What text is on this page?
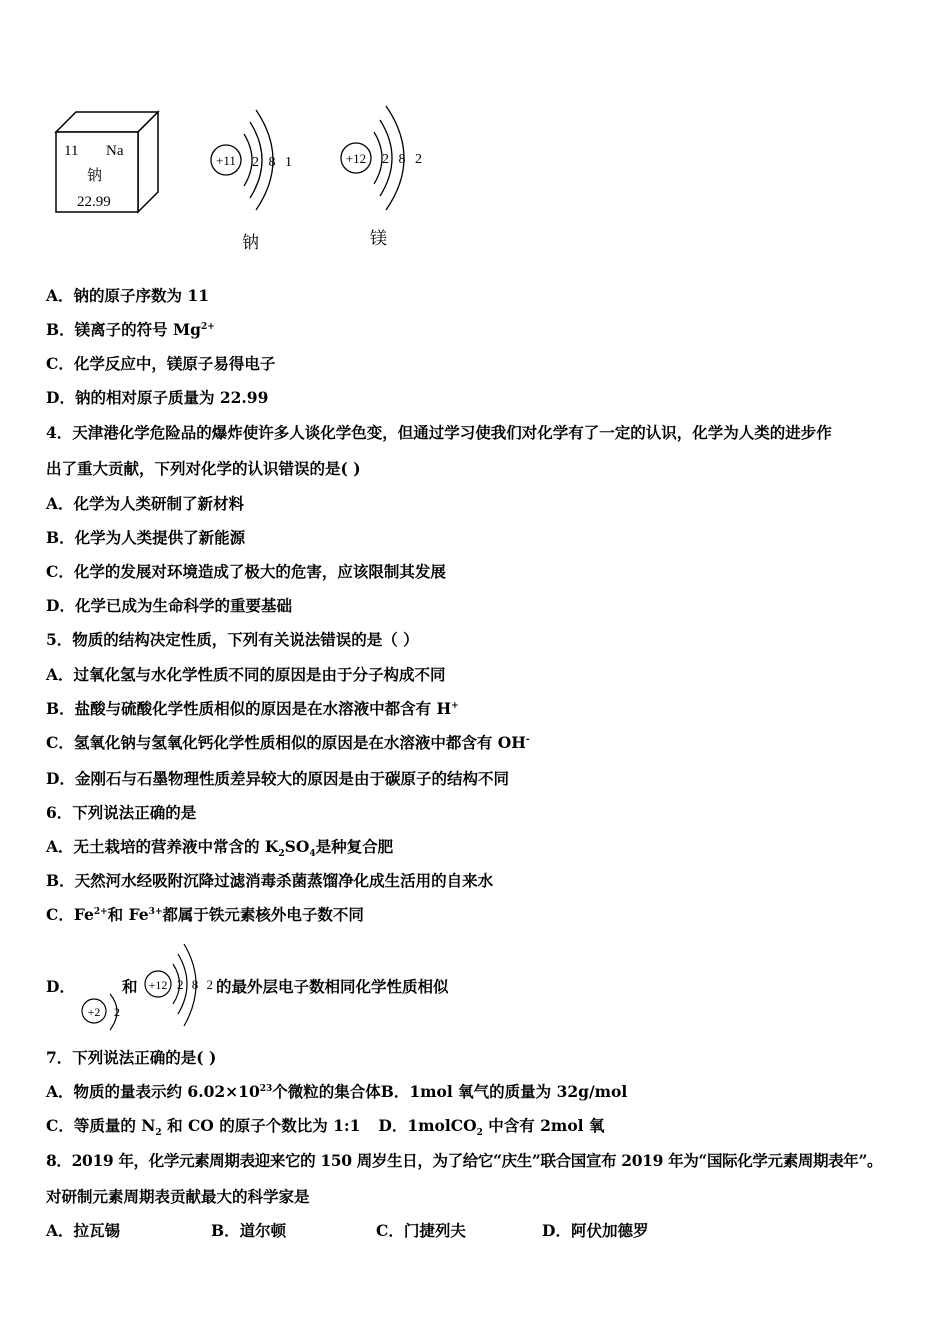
11 Na
钠
22.99
+11 2 8 1
钠
+12 2 8 2
镁
A．钠的原子序数为 11
B．镁离子的符号 $Mg^{2+}$
C．化学反应中，镁原子易得电子
D．钠的相对原子质量为 22.99
4．天津港化学危险品的爆炸使许多人谈化学色变，但通过学习使我们对化学有了一定的认识，化学为人类的进步作
出了重大贡献，下列对化学的认识错误的是( )
A．化学为人类研制了新材料
B．化学为人类提供了新能源
C．化学的发展对环境造成了极大的危害，应该限制其发展
D．化学已成为生命科学的重要基础
5．物质的结构决定性质，下列有关说法错误的是（ ）
A．过氧化氢与水化学性质不同的原因是由于分子构成不同
B．盐酸与硫酸化学性质相似的原因是在水溶液中都含有 H+
C．氢氧化钠与氢氧化钙化学性质相似的原因是在水溶液中都含有 OH-
D．金刚石与石墨物理性质差异较大的原因是由于碳原子的结构不同
6．下列说法正确的是
A．无土栽培的营养液中常含的 $K_2SO_4$是种复合肥
B．天然河水经吸附沉降过滤消毒杀菌蒸馏净化成生活用的自来水
C．$Fe^{2+}$和 $Fe^{3+}$都属于铁元素核外电子数不同
D．
+2 2
和 +12 2 8 2 的最外层电子数相同化学性质相似
7．下列说法正确的是( )
A．物质的量表示约 $6.02\times 10^{23}$个微粒的集合体B．1mol 氧气的质量为 32g/mol
C．等质量的 $N_2$ 和 CO 的原子个数比为 1:1 D．1molCO$_2$ 中含有 2mol 氧
8．2019 年，化学元素周期表迎来它的 150 周岁生日，为了给它“庆生”联合国宣布 2019 年为“国际化学元素周期表年”。
对研制元素周期表贡献最大的科学家是
A．拉瓦锡	B．道尔顿	C．门捷列夫	D．阿伏加德罗
